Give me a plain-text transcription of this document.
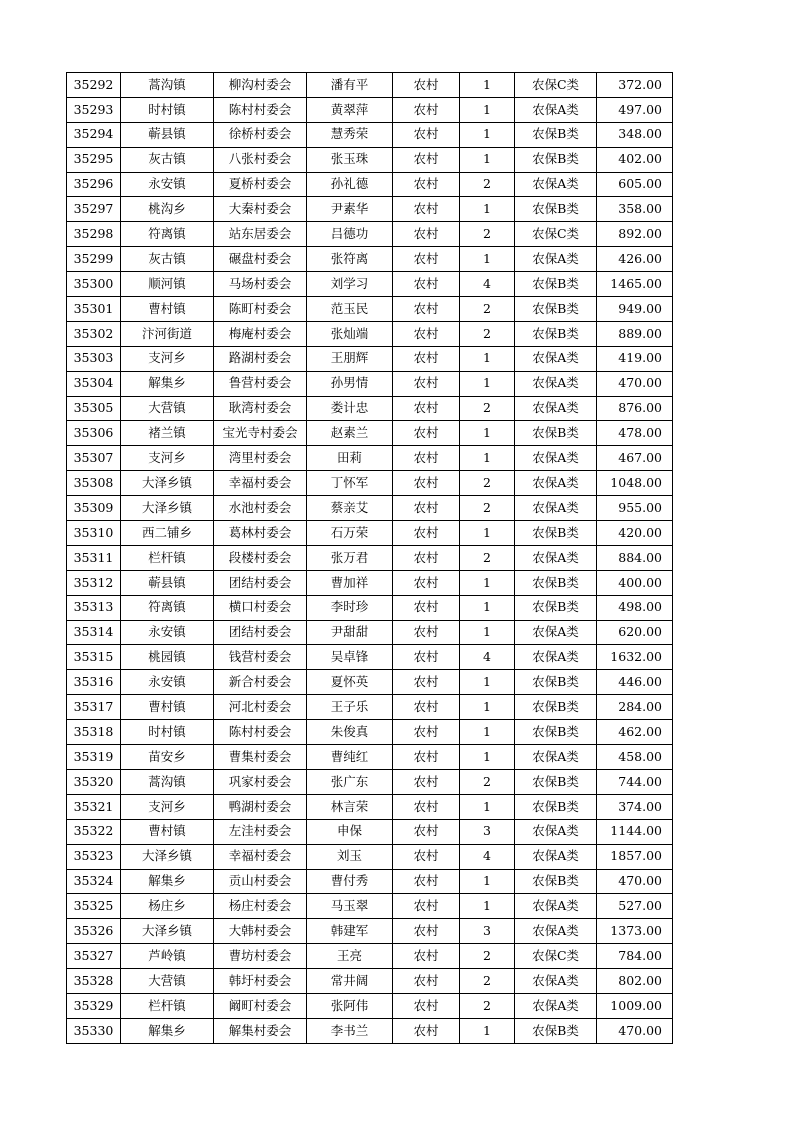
35292	蒿沟镇	柳沟村委会	潘有平	农村	1	农保C类	372.00
35293	时村镇	陈村村委会	黄翠萍	农村	1	农保A类	497.00
35294	蕲县镇	徐桥村委会	慧秀荣	农村	1	农保B类	348.00
35295	灰古镇	八张村委会	张玉珠	农村	1	农保B类	402.00
35296	永安镇	夏桥村委会	孙礼德	农村	2	农保A类	605.00
35297	桃沟乡	大秦村委会	尹素华	农村	1	农保B类	358.00
35298	符离镇	站东居委会	吕德功	农村	2	农保C类	892.00
35299	灰古镇	碾盘村委会	张符离	农村	1	农保A类	426.00
35300	顺河镇	马场村委会	刘学习	农村	4	农保B类	1465.00
35301	曹村镇	陈町村委会	范玉民	农村	2	农保B类	949.00
35302	汴河街道	梅庵村委会	张灿端	农村	2	农保B类	889.00
35303	支河乡	路湖村委会	王朋辉	农村	1	农保A类	419.00
35304	解集乡	鲁营村委会	孙男情	农村	1	农保A类	470.00
35305	大营镇	耿湾村委会	娄计忠	农村	2	农保A类	876.00
35306	褚兰镇	宝光寺村委会	赵素兰	农村	1	农保B类	478.00
35307	支河乡	湾里村委会	田莉	农村	1	农保A类	467.00
35308	大泽乡镇	幸福村委会	丁怀军	农村	2	农保A类	1048.00
35309	大泽乡镇	水池村委会	蔡亲艾	农村	2	农保A类	955.00
35310	西二铺乡	葛林村委会	石万荣	农村	1	农保B类	420.00
35311	栏杆镇	段楼村委会	张万君	农村	2	农保A类	884.00
35312	蕲县镇	团结村委会	曹加祥	农村	1	农保B类	400.00
35313	符离镇	横口村委会	李时珍	农村	1	农保B类	498.00
35314	永安镇	团结村委会	尹甜甜	农村	1	农保A类	620.00
35315	桃园镇	钱营村委会	吴卓锋	农村	4	农保A类	1632.00
35316	永安镇	新合村委会	夏怀英	农村	1	农保B类	446.00
35317	曹村镇	河北村委会	王子乐	农村	1	农保B类	284.00
35318	时村镇	陈村村委会	朱俊真	农村	1	农保B类	462.00
35319	苗安乡	曹集村委会	曹纯红	农村	1	农保A类	458.00
35320	蒿沟镇	巩家村委会	张广东	农村	2	农保B类	744.00
35321	支河乡	鸭湖村委会	林言荣	农村	1	农保B类	374.00
35322	曹村镇	左洼村委会	申保	农村	3	农保A类	1144.00
35323	大泽乡镇	幸福村委会	刘玉	农村	4	农保A类	1857.00
35324	解集乡	贡山村委会	曹付秀	农村	1	农保B类	470.00
35325	杨庄乡	杨庄村委会	马玉翠	农村	1	农保A类	527.00
35326	大泽乡镇	大韩村委会	韩建军	农村	3	农保A类	1373.00
35327	芦岭镇	曹坊村委会	王亮	农村	2	农保C类	784.00
35328	大营镇	韩圩村委会	常井阔	农村	2	农保A类	802.00
35329	栏杆镇	阚町村委会	张阿伟	农村	2	农保A类	1009.00
35330	解集乡	解集村委会	李书兰	农村	1	农保B类	470.00
